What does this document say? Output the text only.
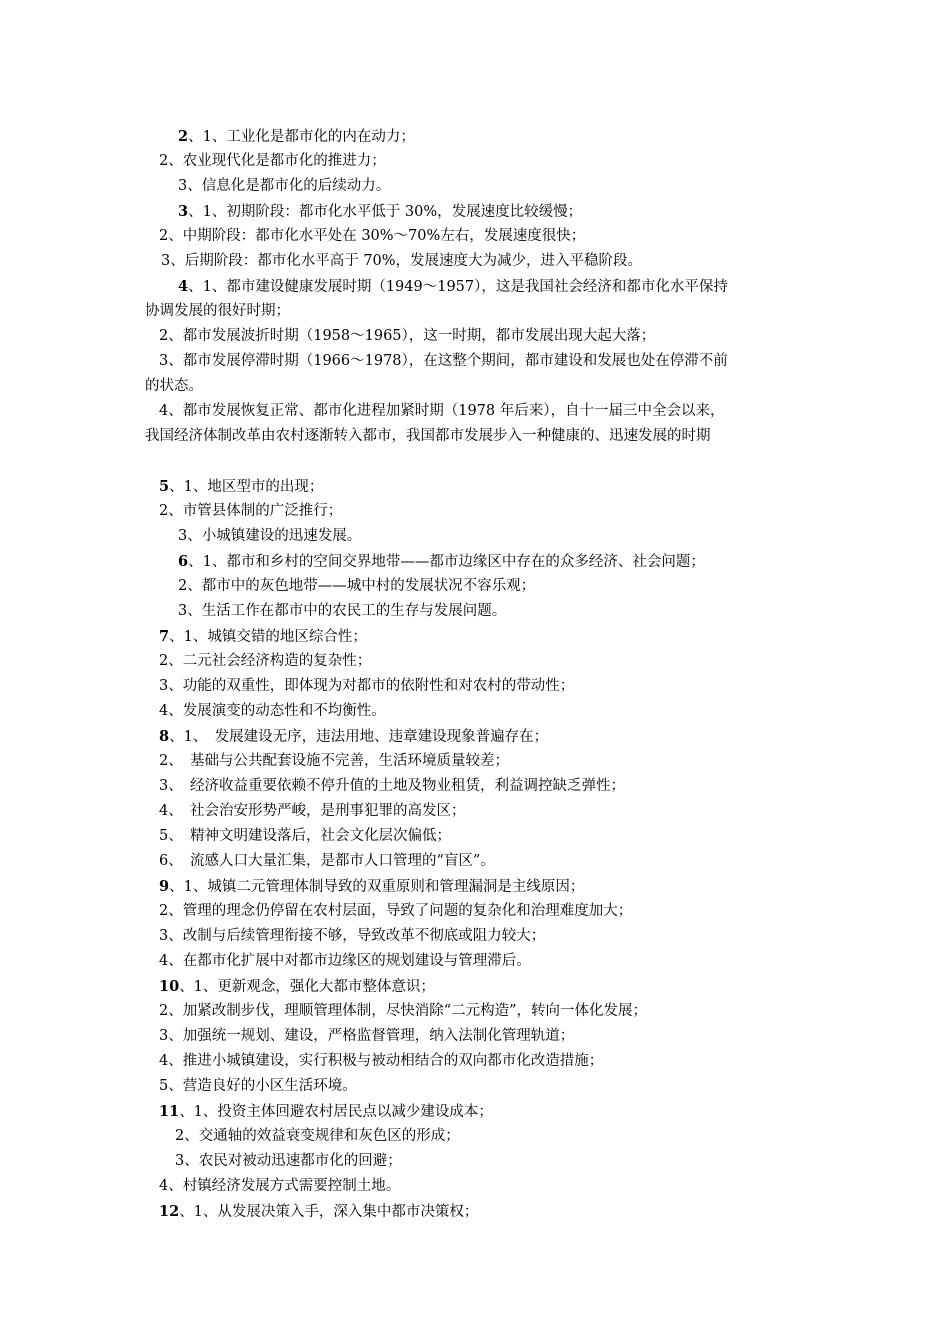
2、1、工业化是都市化的内在动力；
2、农业现代化是都市化的推进力；
3、信息化是都市化的后续动力。
3、1、初期阶段：都市化水平低于 30%，发展速度比较缓慢；
2、中期阶段：都市化水平处在 30%～70%左右，发展速度很快；
3、后期阶段：都市化水平高于 70%，发展速度大为减少，进入平稳阶段。
4、1、都市建设健康发展时期（1949～1957），这是我国社会经济和都市化水平保持
协调发展的很好时期；
2、都市发展波折时期（1958～1965），这一时期，都市发展出现大起大落；
3、都市发展停滞时期（1966～1978），在这整个期间，都市建设和发展也处在停滞不前
的状态。
4、都市发展恢复正常、都市化进程加紧时期（1978 年后来），自十一届三中全会以来，
我国经济体制改革由农村逐渐转入都市，我国都市发展步入一种健康的、迅速发展的时期
5、1、地区型市的出现；
2、市管县体制的广泛推行；
3、小城镇建设的迅速发展。
6、1、都市和乡村的空间交界地带——都市边缘区中存在的众多经济、社会问题；
2、都市中的灰色地带——城中村的发展状况不容乐观；
3、生活工作在都市中的农民工的生存与发展问题。
7、1、城镇交错的地区综合性；
2、二元社会经济构造的复杂性；
3、功能的双重性，即体现为对都市的依附性和对农村的带动性；
4、发展演变的动态性和不均衡性。
8、1、　发展建设无序，违法用地、违章建设现象普遍存在；
2、　基础与公共配套设施不完善，生活环境质量较差；
3、　经济收益重要依赖不停升值的土地及物业租赁，利益调控缺乏弹性；
4、　社会治安形势严峻，是刑事犯罪的高发区；
5、　精神文明建设落后，社会文化层次偏低；
6、　流感人口大量汇集，是都市人口管理的“盲区”。
9、1、城镇二元管理体制导致的双重原则和管理漏洞是主线原因；
2、管理的理念仍停留在农村层面，导致了问题的复杂化和治理难度加大；
3、改制与后续管理衔接不够，导致改革不彻底或阻力较大；
4、在都市化扩展中对都市边缘区的规划建设与管理滞后。
10、1、更新观念，强化大都市整体意识；
2、加紧改制步伐，理顺管理体制，尽快消除“二元构造”，转向一体化发展；
3、加强统一规划、建设，严格监督管理，纳入法制化管理轨道；
4、推进小城镇建设，实行积极与被动相结合的双向都市化改造措施；
5、营造良好的小区生活环境。
11、1、投资主体回避农村居民点以减少建设成本；
2、交通轴的效益衰变规律和灰色区的形成；
3、农民对被动迅速都市化的回避；
4、村镇经济发展方式需要控制土地。
12、1、从发展决策入手，深入集中都市决策权；
